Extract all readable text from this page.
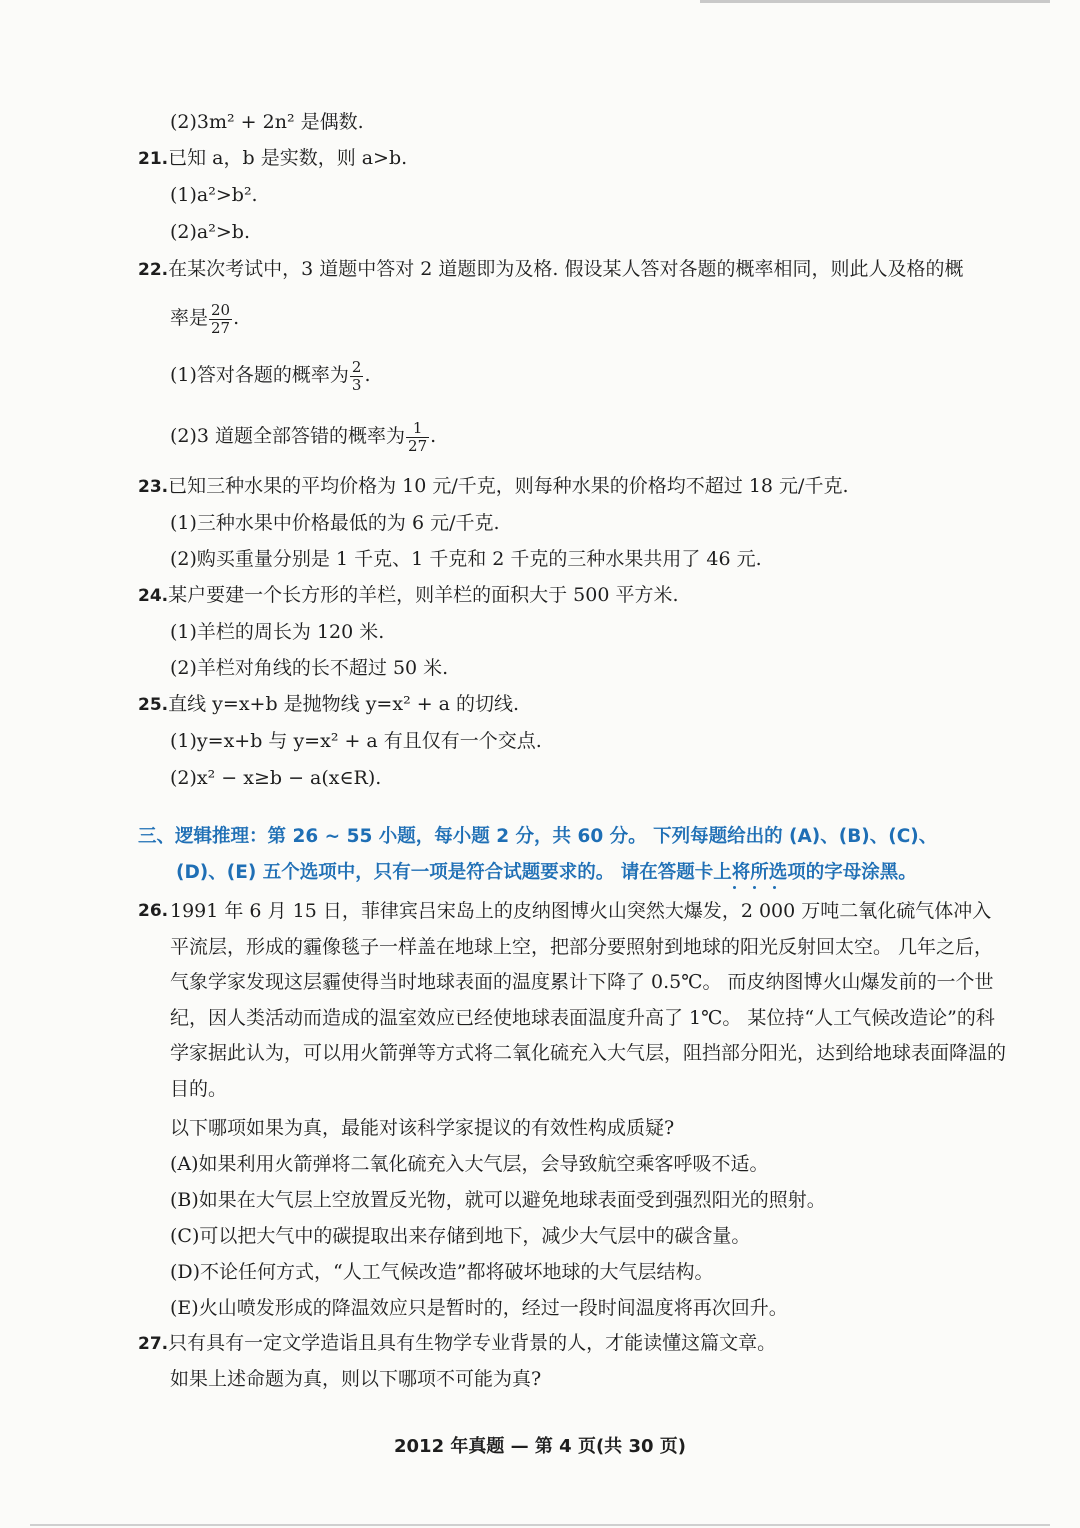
(2)3m² + 2n² 是偶数.
21.已知 a，b 是实数，则 a>b.
(1)a²>b².
(2)a²>b.
22.在某次考试中，3 道题中答对 2 道题即为及格. 假设某人答对各题的概率相同，则此人及格的概
率是 $\frac{20}{27}$ .
(1)答对各题的概率为 $\frac{2}{3}$ .
(2)3 道题全部答错的概率为 $\frac{1}{27}$ .
23.已知三种水果的平均价格为 10 元/千克，则每种水果的价格均不超过 18 元/千克.
(1)三种水果中价格最低的为 6 元/千克.
(2)购买重量分别是 1 千克、1 千克和 2 千克的三种水果共用了 46 元.
24.某户要建一个长方形的羊栏，则羊栏的面积大于 500 平方米.
(1)羊栏的周长为 120 米.
(2)羊栏对角线的长不超过 50 米.
25.直线 y=x+b 是抛物线 y=x² + a 的切线.
(1)y=x+b 与 y=x² + a 有且仅有一个交点.
(2)x² − x≥b − a(x∈R).
三、逻辑推理：第 26 ~ 55 小题，每小题 2 分，共 60 分。 下列每题给出的 (A)、(B)、(C)、
(D)、(E) 五个选项中，只有一项是符合试题要求的。 请在答题卡上将所选项的字母涂黑。
26. 1991 年 6 月 15 日，菲律宾吕宋岛上的皮纳图博火山突然大爆发，2 000 万吨二氧化硫气体冲入平流层，形成的霾像毯子一样盖在地球上空，把部分要照射到地球的阳光反射回太空。 几年之后，气象学家发现这层霾使得当时地球表面的温度累计下降了 0.5℃。 而皮纳图博火山爆发前的一个世纪，因人类活动而造成的温室效应已经使地球表面温度升高了 1℃。 某位持“人工气候改造论”的科学家据此认为，可以用火箭弹等方式将二氧化硫充入大气层，阻挡部分阳光，达到给地球表面降温的目的。
以下哪项如果为真，最能对该科学家提议的有效性构成质疑?
(A)如果利用火箭弹将二氧化硫充入大气层，会导致航空乘客呼吸不适。
(B)如果在大气层上空放置反光物，就可以避免地球表面受到强烈阳光的照射。
(C)可以把大气中的碳提取出来存储到地下，减少大气层中的碳含量。
(D)不论任何方式，“人工气候改造”都将破坏地球的大气层结构。
(E)火山喷发形成的降温效应只是暂时的，经过一段时间温度将再次回升。
27.只有具有一定文学造诣且具有生物学专业背景的人，才能读懂这篇文章。
如果上述命题为真，则以下哪项不可能为真?
2012 年真题 — 第 4 页(共 30 页)
